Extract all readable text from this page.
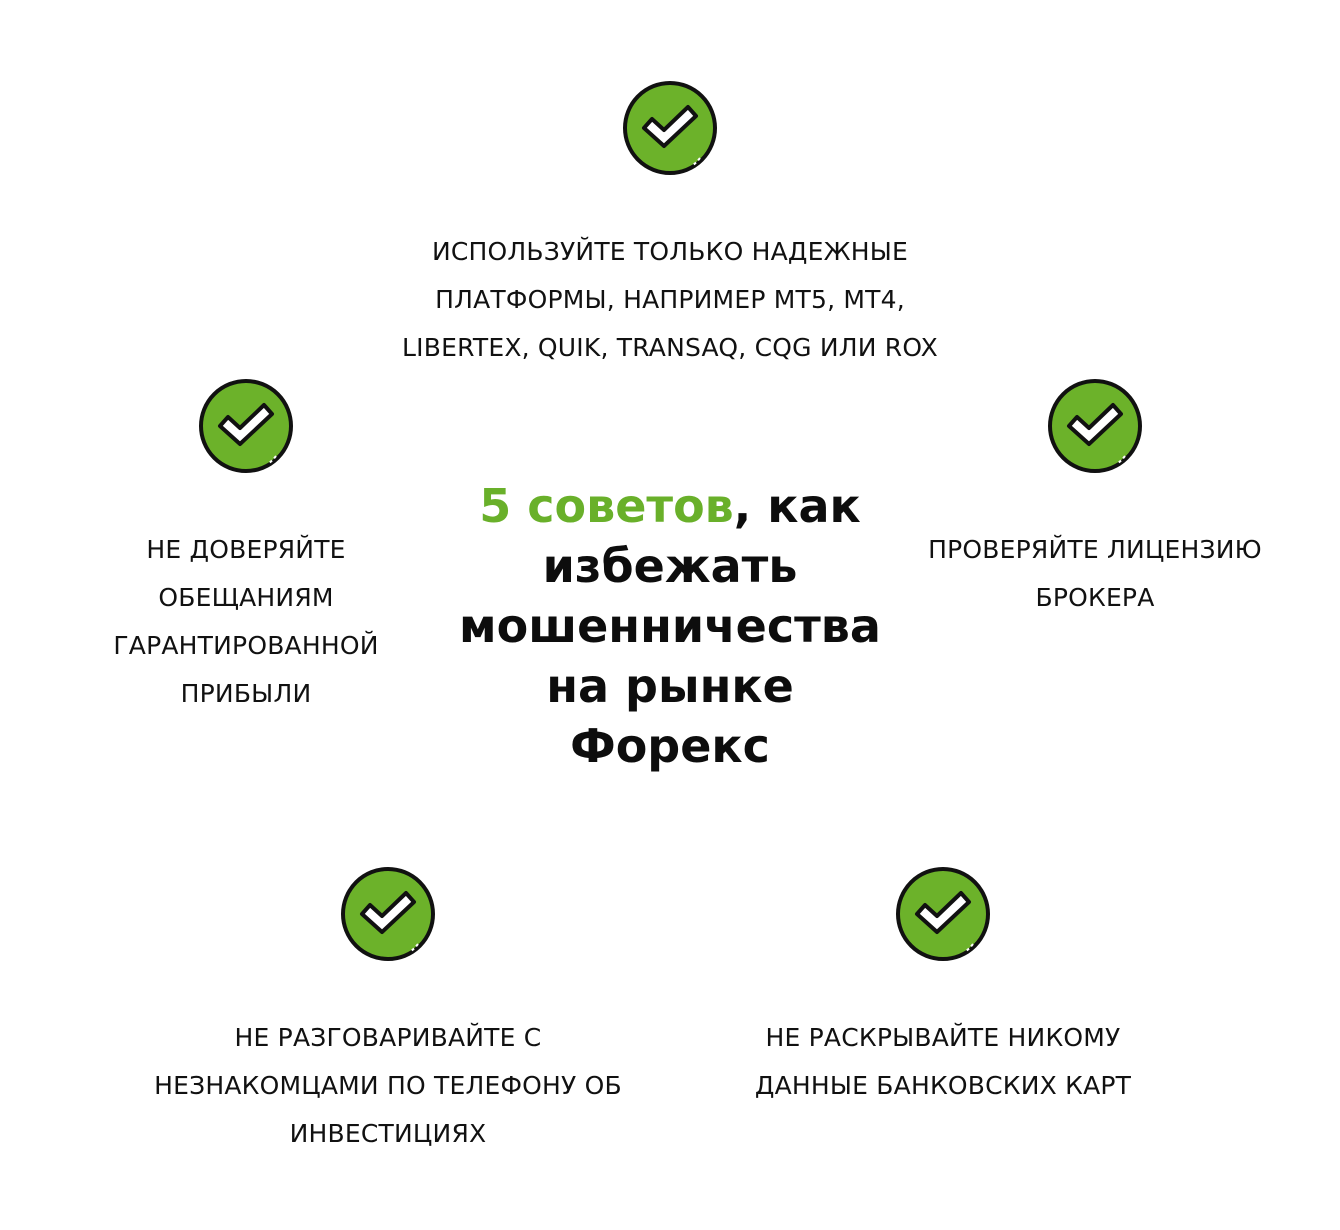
ИСПОЛЬЗУЙТЕ ТОЛЬКО НАДЕЖНЫЕ ПЛАТФОРМЫ, НАПРИМЕР MT5, MT4, LIBERTEX, QUIK, TRANSAQ, CQG ИЛИ ROX
НЕ ДОВЕРЯЙТЕ ОБЕЩАНИЯМ ГАРАНТИРОВАННОЙ ПРИБЫЛИ
ПРОВЕРЯЙТЕ ЛИЦЕНЗИЮ БРОКЕРА
5 советов, как избежать мошенничества на рынке Форекс
НЕ РАЗГОВАРИВАЙТЕ С НЕЗНАКОМЦАМИ ПО ТЕЛЕФОНУ ОБ ИНВЕСТИЦИЯХ
НЕ РАСКРЫВАЙТЕ НИКОМУ ДАННЫЕ БАНКОВСКИХ КАРТ
